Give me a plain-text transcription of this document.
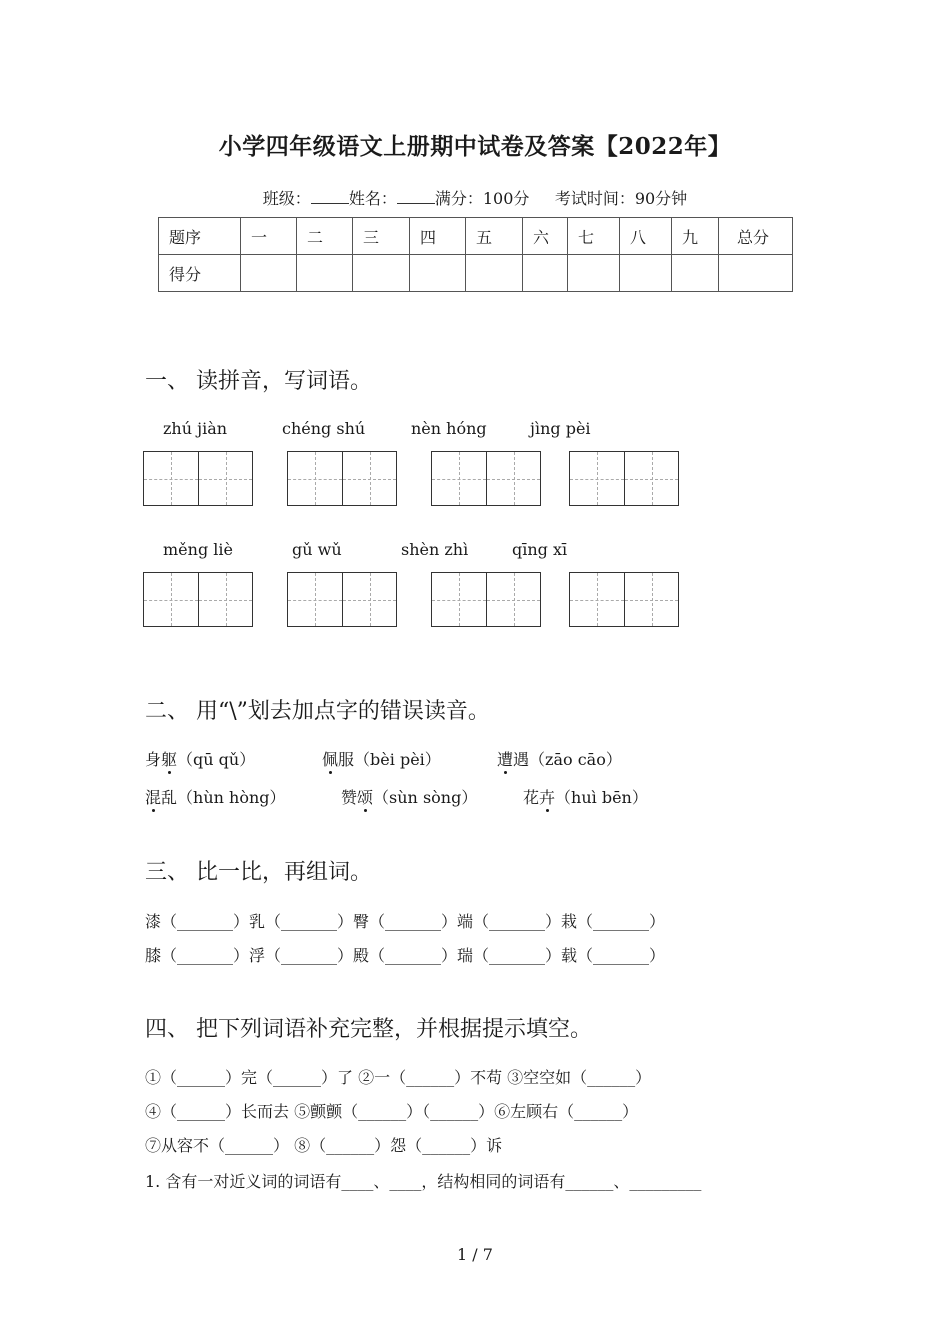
小学四年级语文上册期中试卷及答案【2022年】
班级： 姓名： 满分：100分 考试时间：90分钟
题序	一	二	三	四	五	六	七	八	九	总分
得分										
一、 读拼音，写词语。
zhú jiàn	chéng shú	nèn hóng	jìng pèi
měng liè	gǔ wǔ	shèn zhì	qīng xī
二、 用“\”划去加点字的错误读音。
身躯（qū qǔ）	佩服（bèi pèi）	遭遇（zāo cāo）
混乱（hùn hòng）	赞颂（sùn sòng）	花卉（huì bēn）
三、 比一比，再组词。
漆（_______）乳（_______）臀（_______）端（_______）栽（_______）
膝（_______）浮（_______）殿（_______）瑞（_______）载（_______）
四、 把下列词语补充完整，并根据提示填空。
①（______）完（______）了 ②一（______）不苟 ③空空如（______）
④（______）长而去 ⑤颤颤（______）（______）⑥左顾右（______）
⑦从容不（______） ⑧（______）怨（______）诉
1. 含有一对近义词的词语有____、____，结构相同的词语有______、_________
1 / 7
